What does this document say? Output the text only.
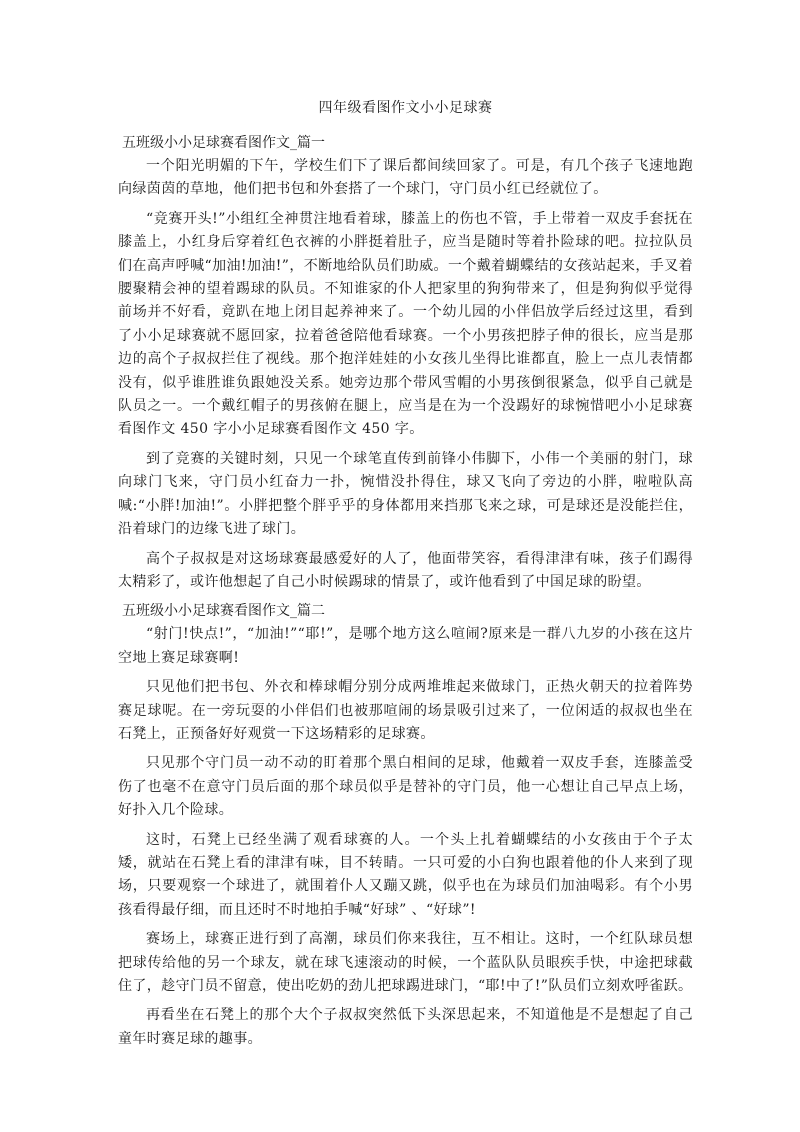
四年级看图作文小小足球赛
五班级小小足球赛看图作文_篇一

一个阳光明媚的下午，学校生们下了课后都间续回家了。可是，有几个孩子飞速地跑向绿茵茵的草地，他们把书包和外套搭了一个球门，守门员小红已经就位了。

“竞赛开头!”小组红全神贯注地看着球，膝盖上的伤也不管，手上带着一双皮手套抚在膝盖上，小红身后穿着红色衣裤的小胖挺着肚子，应当是随时等着扑险球的吧。拉拉队员们在高声呼喊“加油!加油!”，不断地给队员们助威。一个戴着蝴蝶结的女孩站起来，手叉着腰聚精会神的望着踢球的队员。不知谁家的仆人把家里的狗狗带来了，但是狗狗似乎觉得前场并不好看，竟趴在地上闭目起养神来了。一个幼儿园的小伴侣放学后经过这里，看到了小小足球赛就不愿回家，拉着爸爸陪他看球赛。一个小男孩把脖子伸的很长，应当是那边的高个子叔叔拦住了视线。那个抱洋娃娃的小女孩儿坐得比谁都直，脸上一点儿表情都没有，似乎谁胜谁负跟她没关系。她旁边那个带风雪帽的小男孩倒很紧急，似乎自己就是队员之一。一个戴红帽子的男孩俯在腿上，应当是在为一个没踢好的球惋惜吧小小足球赛看图作文 450 字小小足球赛看图作文 450 字。

到了竞赛的关键时刻，只见一个球笔直传到前锋小伟脚下，小伟一个美丽的射门，球向球门飞来，守门员小红奋力一扑，惋惜没扑得住，球又飞向了旁边的小胖，啦啦队高喊:“小胖!加油!”。小胖把整个胖乎乎的身体都用来挡那飞来之球，可是球还是没能拦住，沿着球门的边缘飞进了球门。

高个子叔叔是对这场球赛最感爱好的人了，他面带笑容，看得津津有味，孩子们踢得太精彩了，或许他想起了自己小时候踢球的情景了，或许他看到了中国足球的盼望。

五班级小小足球赛看图作文_篇二

“射门!快点!”，“加油!”“耶!”，是哪个地方这么喧闹?原来是一群八九岁的小孩在这片空地上赛足球赛啊!

只见他们把书包、外衣和棒球帽分别分成两堆堆起来做球门，正热火朝天的拉着阵势赛足球呢。在一旁玩耍的小伴侣们也被那喧闹的场景吸引过来了，一位闲适的叔叔也坐在石凳上，正预备好好观赏一下这场精彩的足球赛。

只见那个守门员一动不动的盯着那个黑白相间的足球，他戴着一双皮手套，连膝盖受伤了也毫不在意守门员后面的那个球员似乎是替补的守门员，他一心想让自己早点上场，好扑入几个险球。

这时，石凳上已经坐满了观看球赛的人。一个头上扎着蝴蝶结的小女孩由于个子太矮，就站在石凳上看的津津有味，目不转睛。一只可爱的小白狗也跟着他的仆人来到了现场，只要观察一个球进了，就围着仆人又蹦又跳，似乎也在为球员们加油喝彩。有个小男孩看得最仔细，而且还时不时地拍手喊“好球” 、“好球”!

赛场上，球赛正进行到了高潮，球员们你来我往，互不相让。这时，一个红队球员想把球传给他的另一个球友，就在球飞速滚动的时候，一个蓝队队员眼疾手快，中途把球截住了，趁守门员不留意，使出吃奶的劲儿把球踢进球门，“耶!中了!”队员们立刻欢呼雀跃。

再看坐在石凳上的那个大个子叔叔突然低下头深思起来，不知道他是不是想起了自己童年时赛足球的趣事。
